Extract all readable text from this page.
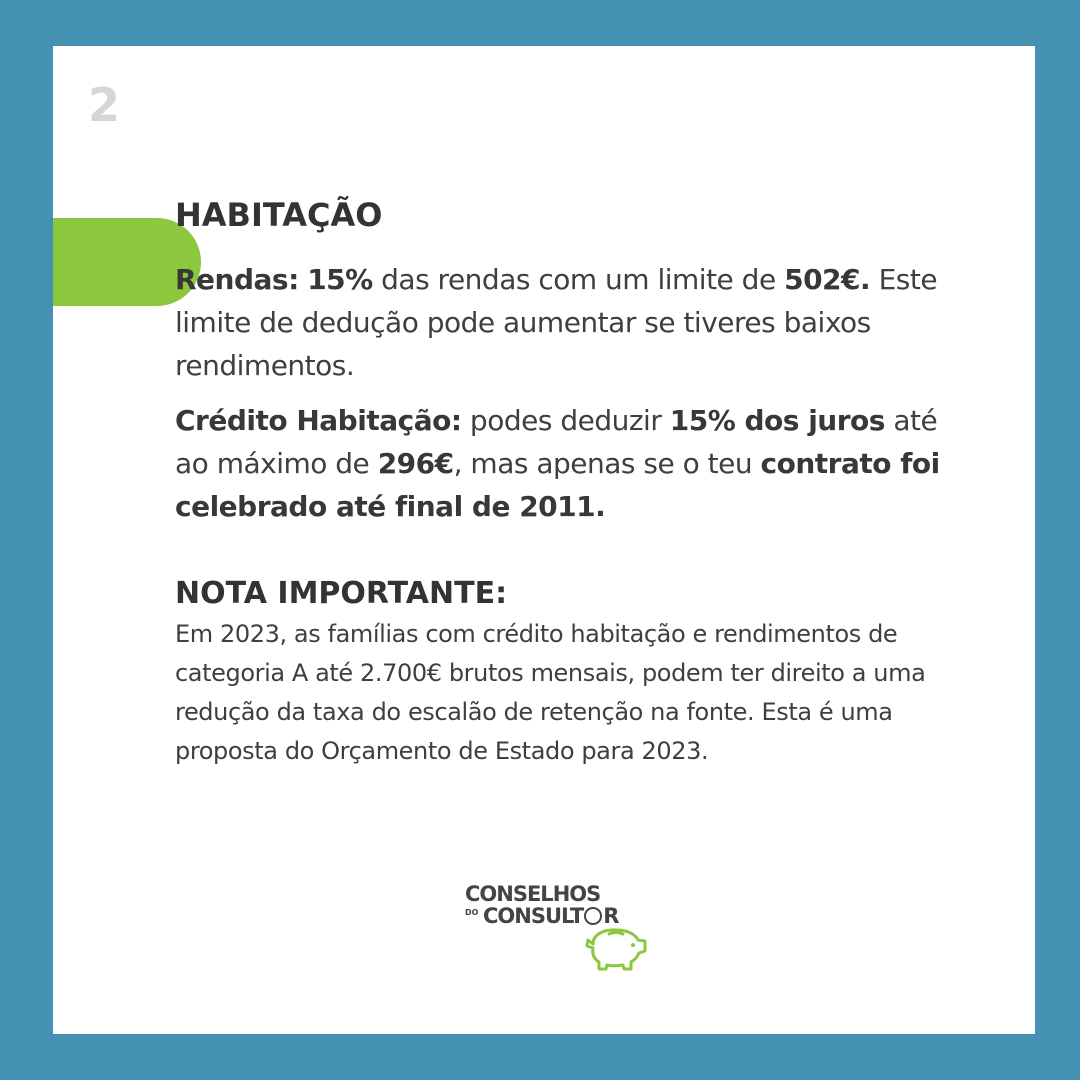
2
HABITAÇÃO

Rendas: 15% das rendas com um limite de 502€. Este limite de dedução pode aumentar se tiveres baixos rendimentos.

Crédito Habitação: podes deduzir 15% dos juros até ao máximo de 296€, mas apenas se o teu contrato foi celebrado até final de 2011.

NOTA IMPORTANTE:
Em 2023, as famílias com crédito habitação e rendimentos de categoria A até 2.700€ brutos mensais, podem ter direito a uma redução da taxa do escalão de retenção na fonte. Esta é uma proposta do Orçamento de Estado para 2023.
CONSELHOS
DO CONSULT R
